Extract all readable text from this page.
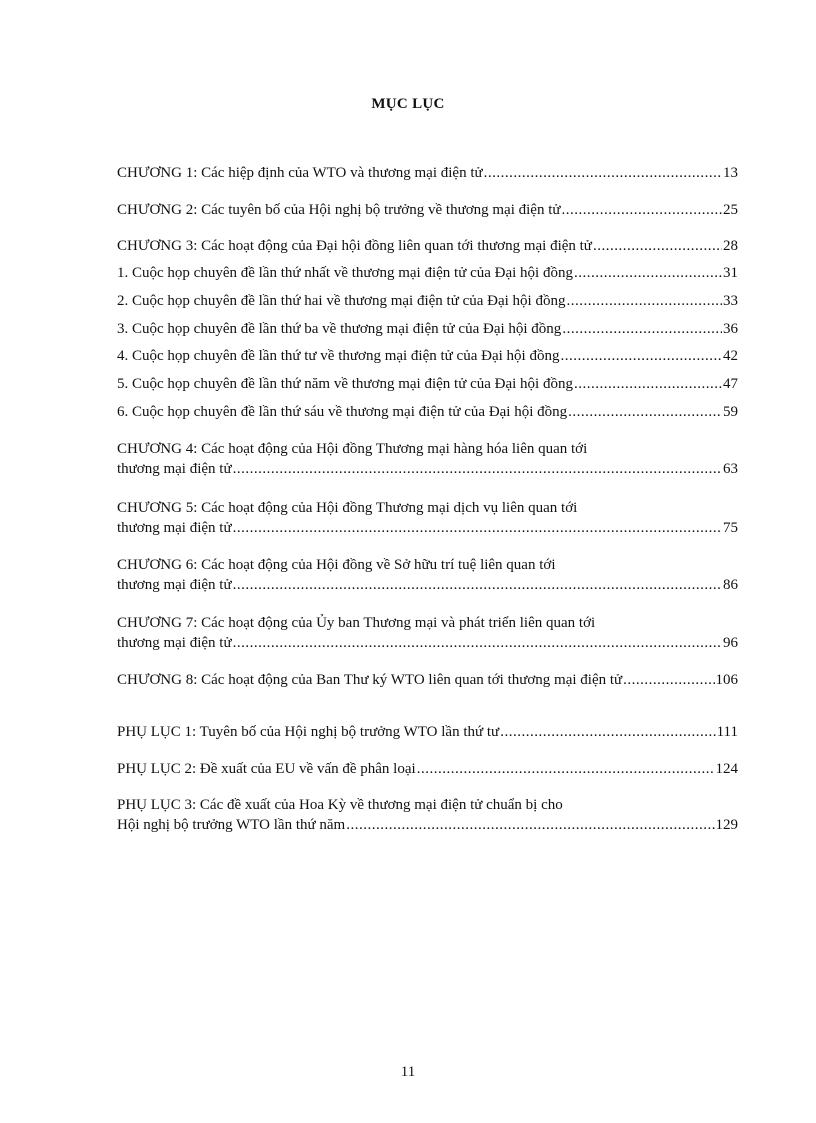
MỤC LỤC
CHƯƠNG 1: Các hiệp định của WTO và thương mại điện tử .....	13
CHƯƠNG 2: Các tuyên bố của Hội nghị bộ trưởng về thương mại điện tử .....	25
CHƯƠNG 3: Các hoạt động của Đại hội đồng liên quan tới thương mại điện tử .....	28
1. Cuộc họp chuyên đề lần thứ nhất về thương mại điện tử của Đại hội đồng .....	31
2. Cuộc họp chuyên đề lần thứ hai về thương mại điện tử của Đại hội đồng .....	33
3. Cuộc họp chuyên đề lần thứ ba về thương mại điện tử của Đại hội đồng .....	36
4. Cuộc họp chuyên đề lần thứ tư về thương mại điện tử của Đại hội đồng .....	42
5. Cuộc họp chuyên đề lần thứ năm về thương mại điện tử của Đại hội đồng .....	47
6. Cuộc họp chuyên đề lần thứ sáu về thương mại điện tử của Đại hội đồng .....	59
CHƯƠNG 4: Các hoạt động của Hội đồng Thương mại hàng hóa liên quan tới
thương mại điện tử .....	63
CHƯƠNG 5: Các hoạt động của Hội đồng Thương mại dịch vụ liên quan tới
thương mại điện tử .....	75
CHƯƠNG 6: Các hoạt động của Hội đồng về Sở hữu trí tuệ liên quan tới
thương mại điện tử .....	86
CHƯƠNG 7: Các hoạt động của Ủy ban Thương mại và phát triển liên quan tới
thương mại điện tử .....	96
CHƯƠNG 8: Các hoạt động của Ban Thư ký WTO liên quan tới thương mại điện tử .....	106
PHỤ LỤC 1: Tuyên bố của Hội nghị bộ trưởng WTO lần thứ tư .....	111
PHỤ LỤC 2: Đề xuất của EU về vấn đề phân loại .....	124
PHỤ LỤC 3: Các đề xuất của Hoa Kỳ về thương mại điện tử chuẩn bị cho
Hội nghị bộ trưởng WTO lần thứ năm .....	129
11
